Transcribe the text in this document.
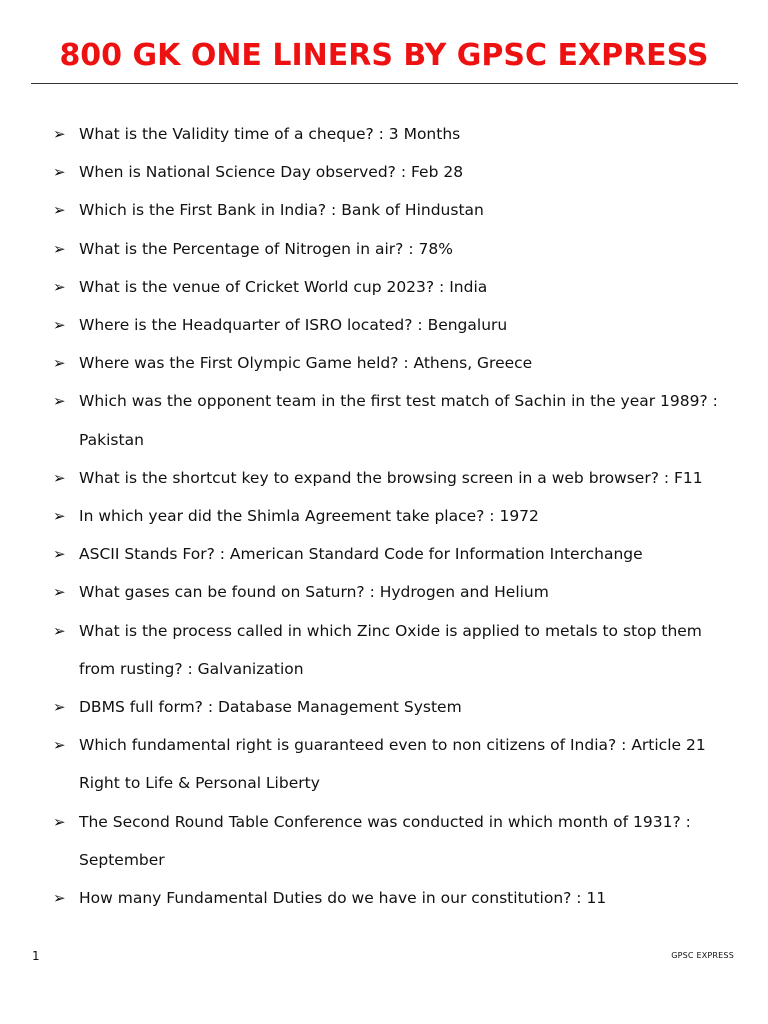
800 GK ONE LINERS BY GPSC EXPRESS
➢ What is the Validity time of a cheque? : 3 Months
➢ When is National Science Day observed? : Feb 28
➢ Which is the First Bank in India? : Bank of Hindustan
➢ What is the Percentage of Nitrogen in air? : 78%
➢ What is the venue of Cricket World cup 2023? : India
➢ Where is the Headquarter of ISRO located? : Bengaluru
➢ Where was the First Olympic Game held? : Athens, Greece
➢ Which was the opponent team in the first test match of Sachin in the year 1989? : Pakistan
➢ What is the shortcut key to expand the browsing screen in a web browser? : F11
➢ In which year did the Shimla Agreement take place? : 1972
➢ ASCII Stands For? : American Standard Code for Information Interchange
➢ What gases can be found on Saturn? : Hydrogen and Helium
➢ What is the process called in which Zinc Oxide is applied to metals to stop them from rusting? : Galvanization
➢ DBMS full form? : Database Management System
➢ Which fundamental right is guaranteed even to non citizens of India? : Article 21 Right to Life & Personal Liberty
➢ The Second Round Table Conference was conducted in which month of 1931? : September
➢ How many Fundamental Duties do we have in our constitution? : 11
1	GPSC EXPRESS
